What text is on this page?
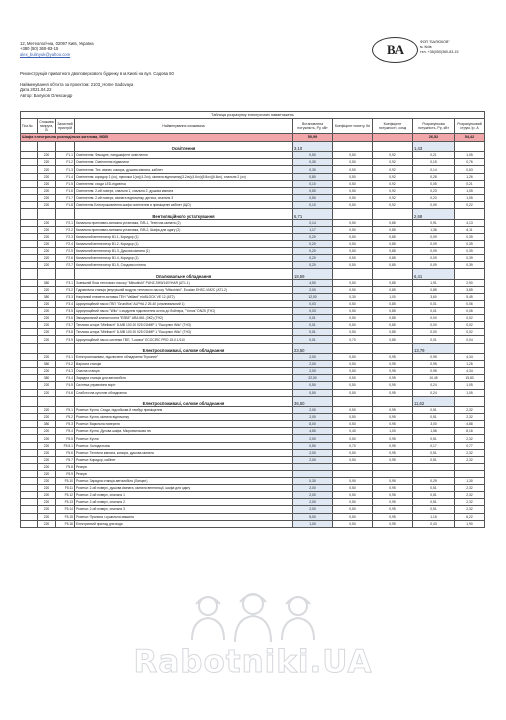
12, Метеологічна, 02097 Київ, Україна
+380 (50) 360-83-15
alex_bulinyuk@yahoo.com	BA	ФОП "БАЛЮКОВ"
м. Київ
тел. +38(050)360-83-15
Реконструкція приватного двоповерхового будинку в м.Києві на вул. Садова 50
Найменування об'єкта за проектом: 2103_Home Sadovaya
Дата 2021.04.22
Автор: Балуков Олександр
Таблиця розрахунку електричних навантажень								
Поз.№	Спожива напруга, В	Захисний пристрій	Найменування споживача	Встановлена потужність, Ру, кВт	Коефіцієнт попиту, Кп	Коефіцієнт потужності, cosφ	Розрахункова потужність, Рр, кВт	Розрахунковий струм, Ір, А
Шафа електрична розподільча житлова, МDB				50,99			26,52	54,42
			Освітлення	3,10			1,43	
	220	F1.1	Освітлення: Фасадне, ландшафтне освітлення	0,50	0,50	0,92	0,21	1,05
	220	F1.2	Освітлення: Освітлення підвалини	0,30	0,50	0,92	0,15	0,76
	220	F1.3	Освітлення: Тех. кімнат, комора, душова кімната, кабінет	0,30	0,50	0,92	0,14	0,63
	220	F1.4	Освітлення: коридор 1 (со), прихожа 1(co)(4.2оч), кімната відпочинку(3.2оч)(4.6оч)(5.8оч)(6.6оч), спальня 2 (оч)	0,80	0,50	0,92	0,28	1,26
	220	F1.5	Освітлення: сходи LED-підсвітка	0,10	0,50	0,92	0,05	0,21
	220	F1.6	Освітлення: 2-ий поверх, спальня 1, спальня 2, душова кімната	0,50	0,50	0,92	0,23	1,05
	220	F1.7	Освітлення: 2-ий поверх, кімната відпочинку, дитяча, спальня 3	0,50	0,50	0,92	0,23	1,05
	220	F1.8	Освітлення Електроживлення шафи освітлення в приміщенні кабінет (ЩО)	0,10	0,50	0,92	0,05	0,22
			Вентиляційного устаткування	6,71			2,68	
	220	F2.1	Канальна припливно-витяжна установка, П/В-1, Технічна кімната (2)	2,14	0,50	0,85	0,91	4,13
	220	F2.2	Канальна припливно-витяжна установка, П/В-2, Шафа для одягу (2)	1,17	0,50	0,85	1,36	6,11
	220	F2.3	Канальний вентилятор В1.1, Коридор (1)	0,20	0,50	0,85	0,09	0,39
	220	F2.4	Канальний вентилятор В1.2, Коридор (1)	0,20	0,50	0,85	0,09	0,39
	220	F2.5	Канальний вентилятор В1.3, Душова кімната (1)	0,20	0,50	0,85	0,09	0,39
	220	F2.6	Канальний вентилятор В1.4, Коридор (1)	0,20	0,50	0,85	0,09	0,39
	220	F2.7	Канальний вентилятор В1.5, Сходова клітина	0,20	0,50	0,85	0,09	0,39
			Опалювальне обладнання	18,59			6,41	
	380	F3.1	Зовнішній блок теплового насосу "Mitsubishi" PUHZ-SHW140YHAR (АТ1.1)	4,50	0,50	0,85	1,91	2,90
	220	F3.2	Гідравлічна станція (внутрішній модуль теплового насосу "Mitsubishi", Ecodan EHSC-VM2C (АТ1.2)	2,00	0,50	0,85	0,85	3,85
	380	F3.3	Нагрівний елемент-вставка ТЕН "Vaillant" eloBLOCK VE 12 (АТ2)	12,00	0,30	1,00	3,60	5,45
	220	F3.4	Циркуляційний насос ГВП "Grundfos" ALPHA 2 25-40 (опалювальний 1)	0,03	0,50	0,85	0,01	0,06
	220	F3.5	Циркуляційний насос "Wilo" з модулем підключення котла до бойлера, "Yonos" DN25 (ТН1)	0,03	0,50	0,85	0,01	0,06
	220	F3.6	Змішувальний клапан котла "ESBE" ARA 661 (ЗК2) (ТН2)	0,01	0,50	0,85	0,00	0,02
	220	F3.7	Теплова штора "Mielbach" D-MB 100 20 025 01NMP 1 "Ешорних Wilo" (ТН3)	0,01	0,50	0,85	0,00	0,02
	220	F3.8	Теплова штора "Mielbach" D-MB 100 20 025 01NMP 1 "Ешорних Wilo" (ТН3)	0,01	0,50	0,85	0,00	0,02
	220	F3.9	Циркуляційний насос системи ГВП, "Lowara" ECOCIRC PRO 15-0.1/110	0,01	0,70	0,85	0,01	0,04
			Електроспоживачі, силове обладнання	23,50			13,79	
	220	F4.1	Електроспоживачі, підключене обладнання "Кухонне"	2,00	0,50	0,95	0,95	4,34
	380	F4.2	Варочна станція	2,00	0,50	0,95	0,95	1,26
	220	F4.3	Очисна станція	2,00	0,50	0,95	0,95	4,34
	380	F4.4	Зарядна станція для автомобіля	22,00	0,50	0,95	10,45	15,83
	220	F4.5	Система управління воріт	0,50	0,50	0,95	0,24	1,05
	220	F4.6	Слаботочна кухонне обладнання	0,50	0,50	0,95	0,24	1,05
			Електроспоживачі, силове обладнання	36,50			11,62	
	220	F5.1	Розетки: Кухня, Сходи, підсобкова й тамбур приміщення	2,00	0,50	0,95	0,51	2,32
	220	F5.2	Розетки: Кухня, кімната відпочинку	2,00	0,50	0,95	0,51	2,32
	380	F5.3	Розетки: Варильна поверхня	8,00	0,50	0,95	3,00	4,88
	220	F5.4	Розетки: Кухня, Духова шафа, Мікрохвильова піч	4,50	0,40	1,00	1,56	8,16
	220	F5.5	Розетки: Кухня	2,00	0,50	0,95	0,51	2,32
	220	F5.5.1	Розетка: Холодильник	0,50	0,70	0,95	0,17	0,77
	220	F5.6	Розетки: Технічна кімната, комора, душова кімната	2,00	0,50	0,95	0,51	2,32
	220	F5.7	Розетки: Коридор, кабінет	2,00	0,50	0,95	0,51	2,32
	220	F5.8	Резерв					
	220	F5.9	Резерв					
	220	F5.10	Розетки: Зарядна станція автомобіля (Ланцюг)	0,30	0,90	0,95	0,29	1,30
	220	F5.11	Розетки: 2-ий поверх, душова кімната, кімната вентиляції, шафа для одягу	2,00	0,50	0,95	0,51	2,32
	220	F5.12	Розетки: 2-ий поверх, спальня 1	2,00	0,50	0,95	0,51	2,32
	220	F5.13	Розетки: 2-ий поверх, спальня 2	2,00	0,50	0,95	0,51	2,32
	220	F5.14	Розетки: 2-ий поверх, спальня 3	2,00	0,50	0,95	0,51	2,32
	220	F5.15	Розетки: Пральна і сушильна машина	5,00	0,50	0,95	1,15	6,22
	220	F5.16	Електричний прилад для води	1,00	0,50	0,95	0,43	1,90
Rabotniki.UA
